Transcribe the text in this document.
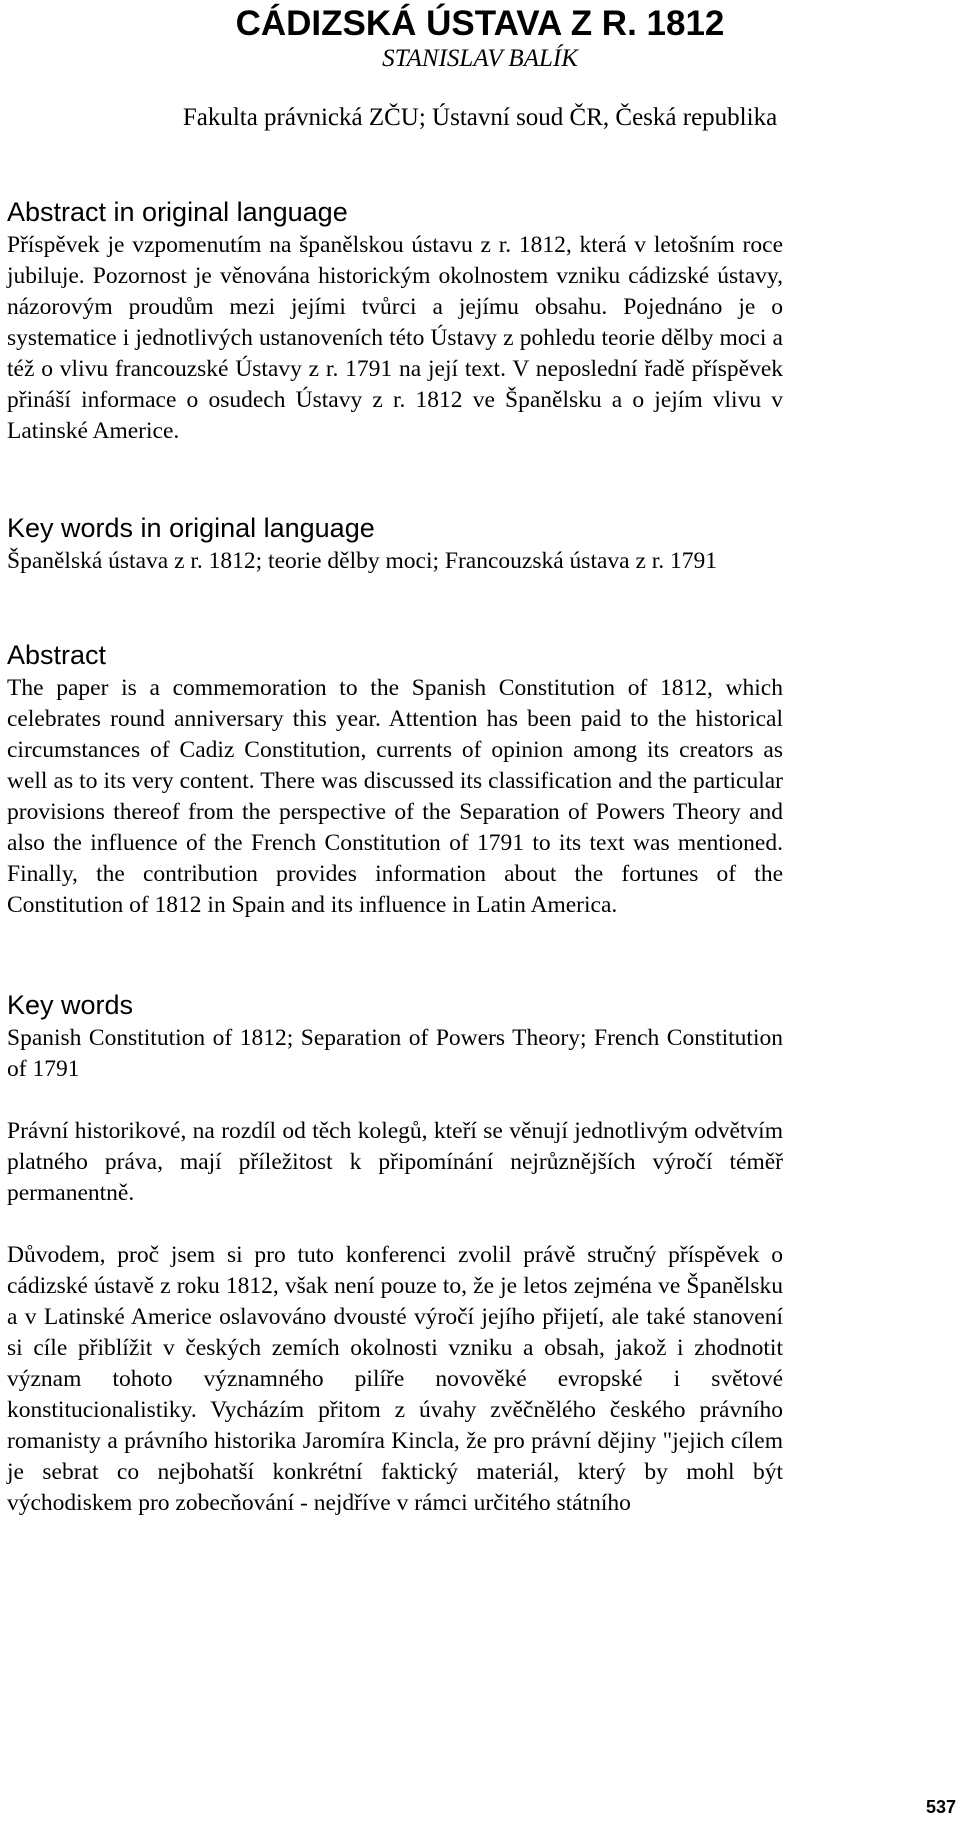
CÁDIZSKÁ ÚSTAVA Z R. 1812
STANISLAV BALÍK
Fakulta právnická ZČU; Ústavní soud ČR, Česká republika
Abstract in original language

Příspěvek je vzpomenutím na španělskou ústavu z r. 1812, která v letošním roce jubiluje. Pozornost je věnována historickým okolnostem vzniku cádizské ústavy, názorovým proudům mezi jejími tvůrci a jejímu obsahu. Pojednáno je o systematice i jednotlivých ustanoveních této Ústavy z pohledu teorie dělby moci a též o vlivu francouzské Ústavy z r. 1791 na její text. V neposlední řadě příspěvek přináší informace o osudech Ústavy z r. 1812 ve Španělsku a o jejím vlivu v Latinské Americe.

Key words in original language

Španělská ústava z r. 1812; teorie dělby moci; Francouzská ústava z r. 1791

Abstract

The paper is a commemoration to the Spanish Constitution of 1812, which celebrates round anniversary this year. Attention has been paid to the historical circumstances of Cadiz Constitution, currents of opinion among its creators as well as to its very content. There was discussed its classification and the particular provisions thereof from the perspective of the Separation of Powers Theory and also the influence of the French Constitution of 1791 to its text was mentioned. Finally, the contribution provides information about the fortunes of the Constitution of 1812 in Spain and its influence in Latin America.

Key words

Spanish Constitution of 1812; Separation of Powers Theory; French Constitution of 1791

Právní historikové, na rozdíl od těch kolegů, kteří se věnují jednotlivým odvětvím platného práva, mají příležitost k připomínání nejrůznějších výročí téměř permanentně.

Důvodem, proč jsem si pro tuto konferenci zvolil právě stručný příspěvek o cádizské ústavě z roku 1812, však není pouze to, že je letos zejména ve Španělsku a v Latinské Americe oslavováno dvousté výročí jejího přijetí, ale také stanovení si cíle přiblížit v českých zemích okolnosti vzniku a obsah, jakož i zhodnotit význam tohoto významného pilíře novověké evropské i světové konstitucionalistiky. Vycházím přitom z úvahy zvěčnělého českého právního romanisty a právního historika Jaromíra Kincla, že pro právní dějiny "jejich cílem je sebrat co nejbohatší konkrétní faktický materiál, který by mohl být východiskem pro zobecňování - nejdříve v rámci určitého státního

537
